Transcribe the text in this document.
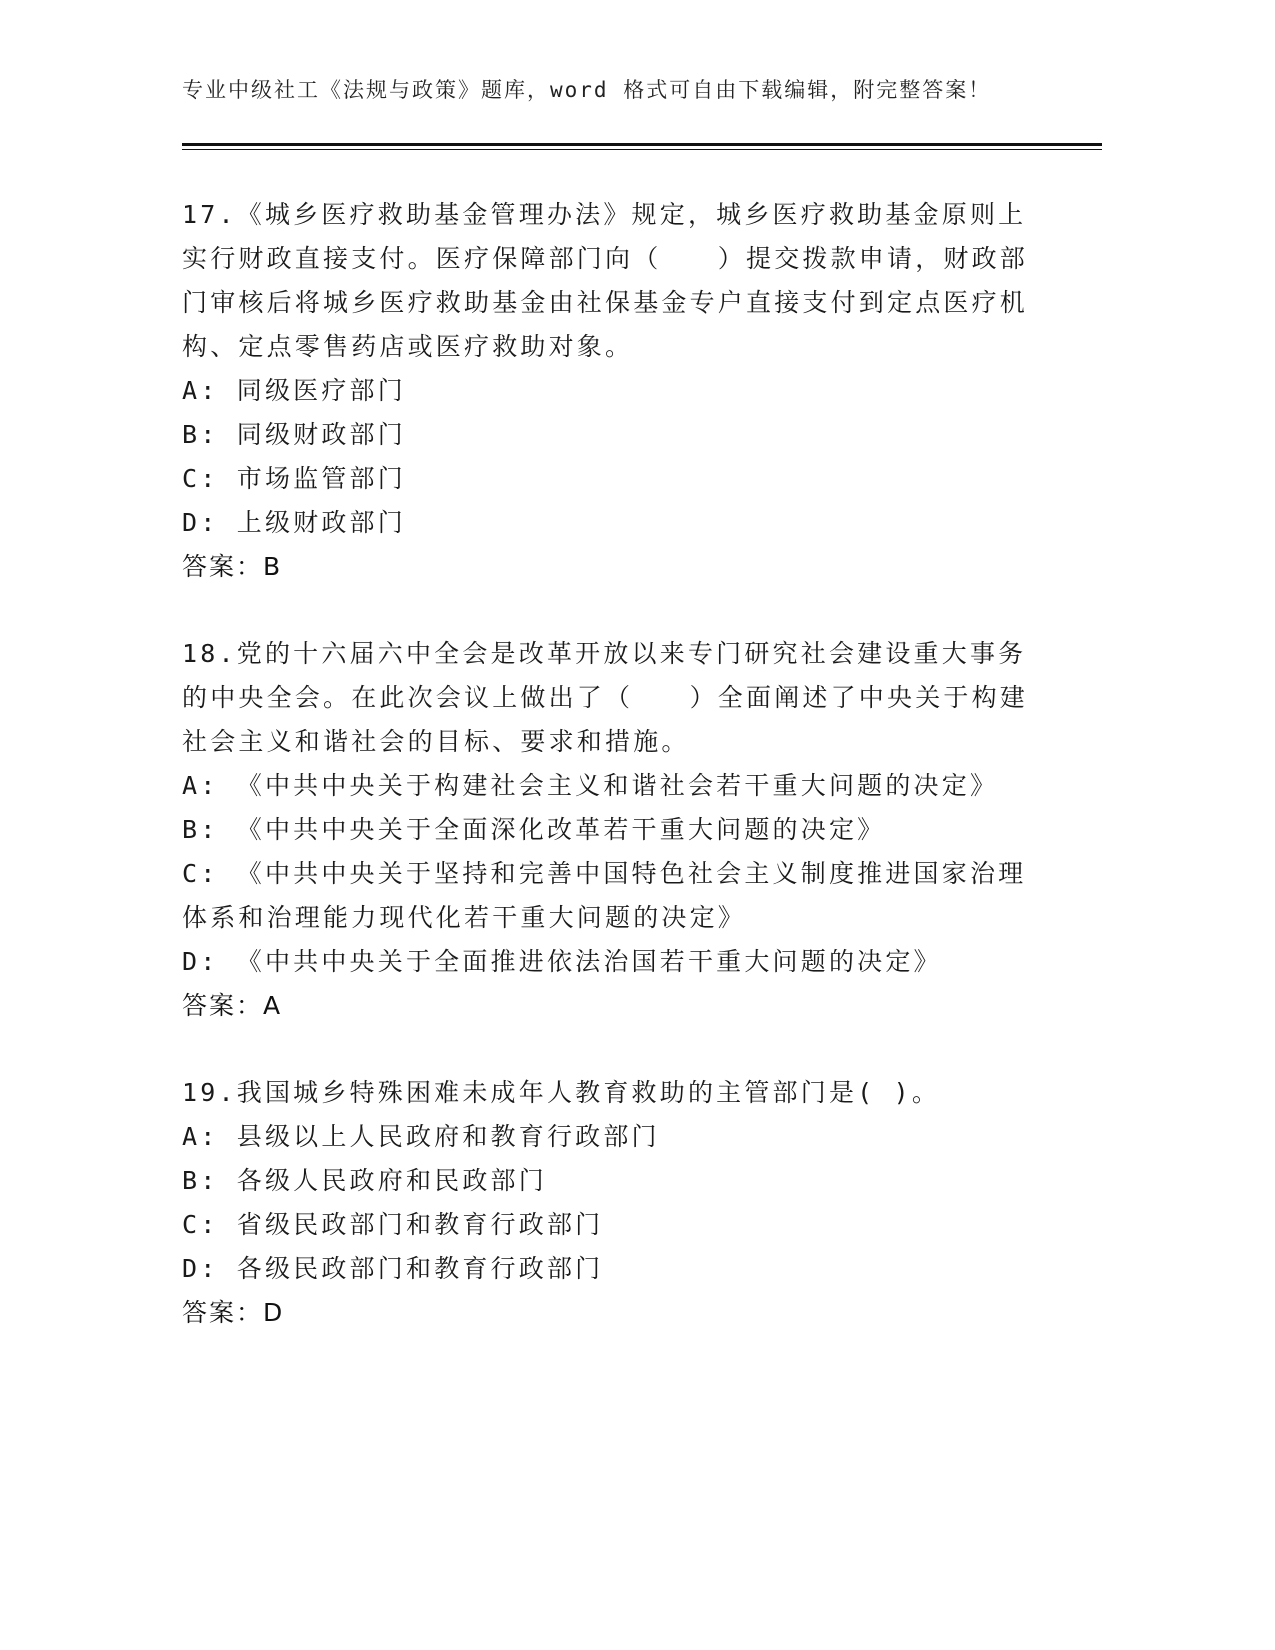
专业中级社工《法规与政策》题库，word 格式可自由下载编辑，附完整答案！

17.《城乡医疗救助基金管理办法》规定，城乡医疗救助基金原则上实行财政直接支付。医疗保障部门向（　　）提交拨款申请，财政部门审核后将城乡医疗救助基金由社保基金专户直接支付到定点医疗机构、定点零售药店或医疗救助对象。

A: 同级医疗部门

B: 同级财政部门

C: 市场监管部门

D: 上级财政部门

答案：B

18.党的十六届六中全会是改革开放以来专门研究社会建设重大事务的中央全会。在此次会议上做出了（　　）全面阐述了中央关于构建社会主义和谐社会的目标、要求和措施。

A: 《中共中央关于构建社会主义和谐社会若干重大问题的决定》

B: 《中共中央关于全面深化改革若干重大问题的决定》

C: 《中共中央关于坚持和完善中国特色社会主义制度推进国家治理体系和治理能力现代化若干重大问题的决定》

D: 《中共中央关于全面推进依法治国若干重大问题的决定》

答案：A

19.我国城乡特殊困难未成年人教育救助的主管部门是( )。

A: 县级以上人民政府和教育行政部门

B: 各级人民政府和民政部门

C: 省级民政部门和教育行政部门

D: 各级民政部门和教育行政部门

答案：D
